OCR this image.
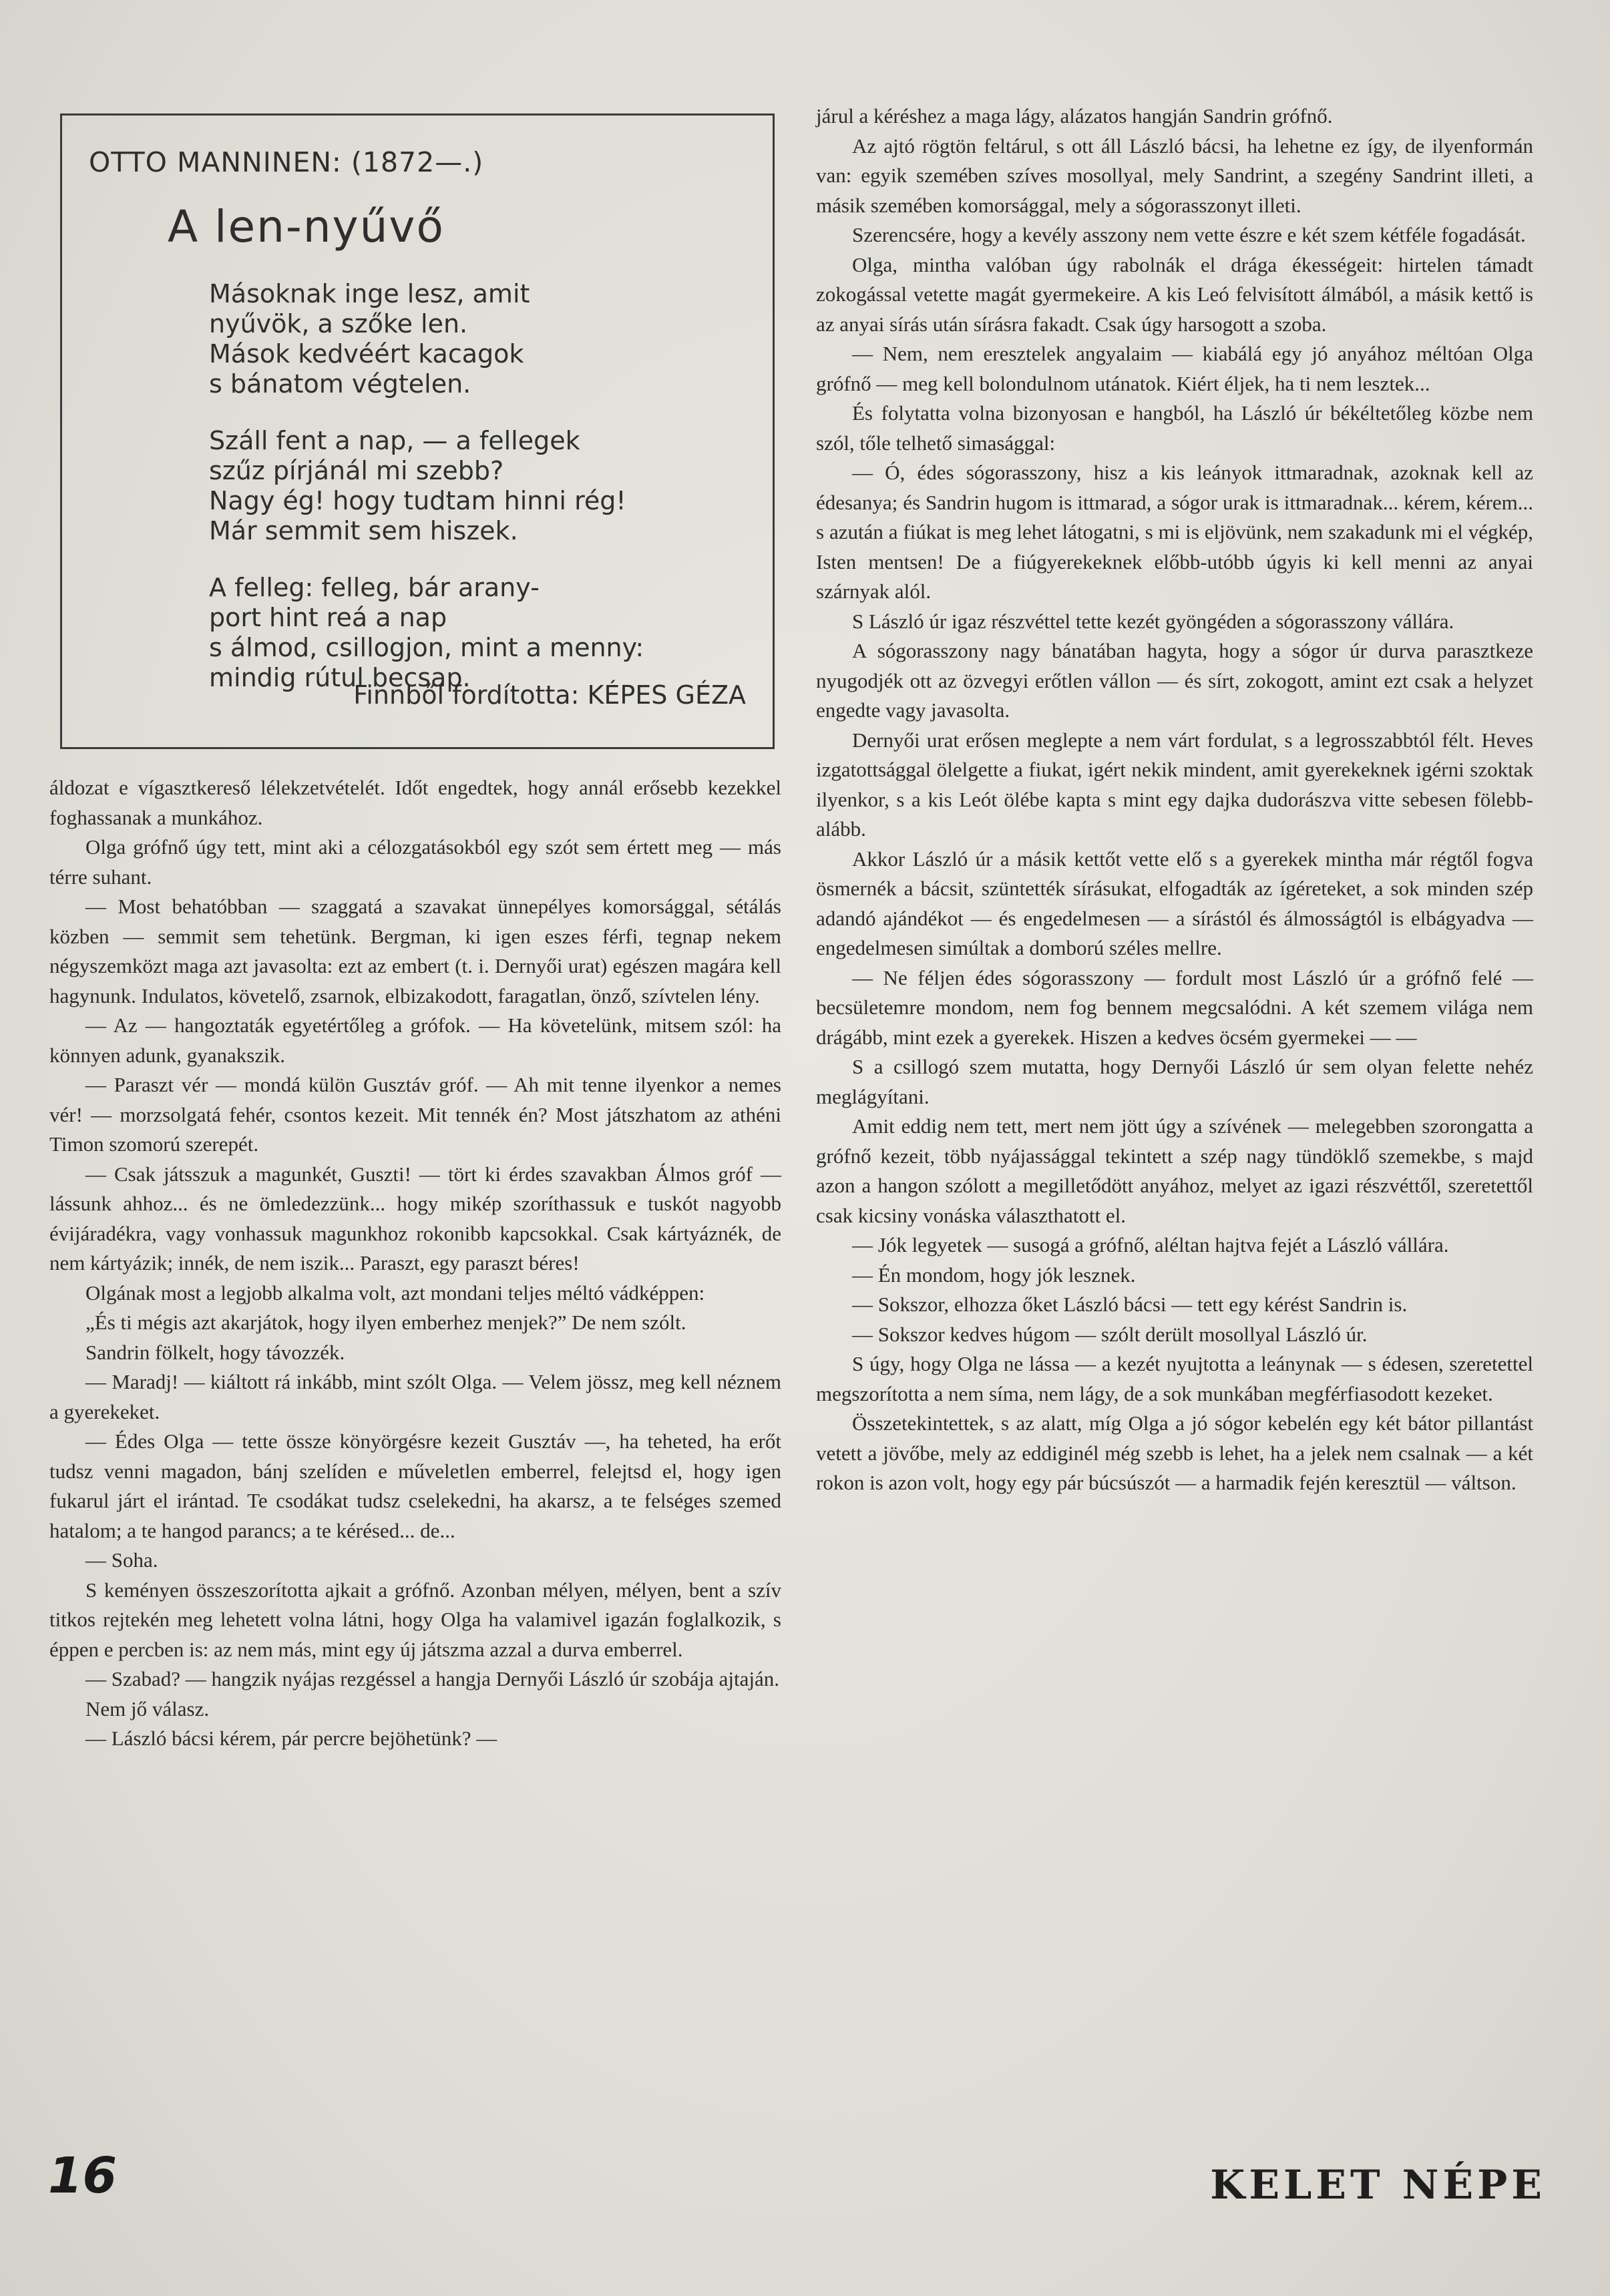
OTTO MANNINEN: (1872—.)

A len-nyűvő
Másoknak inge lesz, amit
nyűvök, a szőke len.
Mások kedvéért kacagok
s bánatom végtelen.
Száll fent a nap, — a fellegek
szűz pírjánál mi szebb?
Nagy ég! hogy tudtam hinni rég!
Már semmit sem hiszek.
A felleg: felleg, bár arany-
port hint reá a nap
s álmod, csillogjon, mint a menny:
mindig rútul becsap.

Finnből fordította: KÉPES GÉZA

áldozat e vígasztkereső lélekzetvételét. Időt engedtek, hogy annál erősebb kezekkel foghassanak a munkához.

Olga grófnő úgy tett, mint aki a célozgatásokból egy szót sem értett meg — más térre suhant.

— Most behatóbban — szaggatá a szavakat ünnepélyes komorsággal, sétálás közben — semmit sem tehetünk. Bergman, ki igen eszes férfi, tegnap nekem négyszemközt maga azt javasolta: ezt az embert (t. i. Dernyői urat) egészen magára kell hagynunk. Indulatos, követelő, zsarnok, elbizakodott, faragatlan, önző, szívtelen lény.

— Az — hangoztaták egyetértőleg a grófok. — Ha követelünk, mitsem szól: ha könnyen adunk, gyanakszik.

— Paraszt vér — mondá külön Gusztáv gróf. — Ah mit tenne ilyenkor a nemes vér! — morzsolgatá fehér, csontos kezeit. Mit tennék én? Most játszhatom az athéni Timon szomorú szerepét.

— Csak játsszuk a magunkét, Guszti! — tört ki érdes szavakban Álmos gróf — lássunk ahhoz... és ne ömledezzünk... hogy mikép szoríthassuk e tuskót nagyobb évijáradékra, vagy vonhassuk magunkhoz rokonibb kapcsokkal. Csak kártyáznék, de nem kártyázik; innék, de nem iszik... Paraszt, egy paraszt béres!

Olgának most a legjobb alkalma volt, azt mondani teljes méltó vádképpen:

„És ti mégis azt akarjátok, hogy ilyen emberhez menjek?” De nem szólt.

Sandrin fölkelt, hogy távozzék.

— Maradj! — kiáltott rá inkább, mint szólt Olga. — Velem jössz, meg kell néznem a gyerekeket.

— Édes Olga — tette össze könyörgésre kezeit Gusztáv —, ha teheted, ha erőt tudsz venni magadon, bánj szelíden e műveletlen emberrel, felejtsd el, hogy igen fukarul járt el irántad. Te csodákat tudsz cselekedni, ha akarsz, a te felséges szemed hatalom; a te hangod parancs; a te kérésed... de...

— Soha.

S keményen összeszorította ajkait a grófnő. Azonban mélyen, mélyen, bent a szív titkos rejtekén meg lehetett volna látni, hogy Olga ha valamivel igazán foglalkozik, s éppen e percben is: az nem más, mint egy új játszma azzal a durva emberrel.

— Szabad? — hangzik nyájas rezgéssel a hangja Dernyői László úr szobája ajtaján.

Nem jő válasz.

— László bácsi kérem, pár percre bejöhetünk? —

járul a kéréshez a maga lágy, alázatos hangján Sandrin grófnő.

Az ajtó rögtön feltárul, s ott áll László bácsi, ha lehetne ez így, de ilyenformán van: egyik szemében szíves mosollyal, mely Sandrint, a szegény Sandrint illeti, a másik szemében komorsággal, mely a sógorasszonyt illeti.

Szerencsére, hogy a kevély asszony nem vette észre e két szem kétféle fogadását.

Olga, mintha valóban úgy rabolnák el drága ékességeit: hirtelen támadt zokogással vetette magát gyermekeire. A kis Leó felvisított álmából, a másik kettő is az anyai sírás után sírásra fakadt. Csak úgy harsogott a szoba.

— Nem, nem eresztelek angyalaim — kiabálá egy jó anyához méltóan Olga grófnő — meg kell bolondulnom utánatok. Kiért éljek, ha ti nem lesztek...

És folytatta volna bizonyosan e hangból, ha László úr békéltetőleg közbe nem szól, tőle telhető simasággal:

— Ó, édes sógorasszony, hisz a kis leányok ittmaradnak, azoknak kell az édesanya; és Sandrin hugom is ittmarad, a sógor urak is ittmaradnak... kérem, kérem... s azután a fiúkat is meg lehet látogatni, s mi is eljövünk, nem szakadunk mi el végkép, Isten mentsen! De a fiúgyerekeknek előbb-utóbb úgyis ki kell menni az anyai szárnyak alól.

S László úr igaz részvéttel tette kezét gyöngéden a sógorasszony vállára.

A sógorasszony nagy bánatában hagyta, hogy a sógor úr durva parasztkeze nyugodjék ott az özvegyi erőtlen vállon — és sírt, zokogott, amint ezt csak a helyzet engedte vagy javasolta.

Dernyői urat erősen meglepte a nem várt fordulat, s a legrosszabbtól félt. Heves izgatottsággal ölelgette a fiukat, igért nekik mindent, amit gyerekeknek igérni szoktak ilyenkor, s a kis Leót ölébe kapta s mint egy dajka dudorászva vitte sebesen fölebb-alább.

Akkor László úr a másik kettőt vette elő s a gyerekek mintha már régtől fogva ösmernék a bácsit, szüntették sírásukat, elfogadták az ígéreteket, a sok minden szép adandó ajándékot — és engedelmesen — a sírástól és álmosságtól is elbágyadva — engedelmesen simúltak a domború széles mellre.

— Ne féljen édes sógorasszony — fordult most László úr a grófnő felé — becsületemre mondom, nem fog bennem megcsalódni. A két szemem világa nem drágább, mint ezek a gyerekek. Hiszen a kedves öcsém gyermekei — —

S a csillogó szem mutatta, hogy Dernyői László úr sem olyan felette nehéz meglágyítani.

Amit eddig nem tett, mert nem jött úgy a szívének — melegebben szorongatta a grófnő kezeit, több nyájassággal tekintett a szép nagy tündöklő szemekbe, s majd azon a hangon szólott a megilletődött anyához, melyet az igazi részvéttől, szeretettől csak kicsiny vonáska választhatott el.

— Jók legyetek — susogá a grófnő, aléltan hajtva fejét a László vállára.

— Én mondom, hogy jók lesznek.

— Sokszor, elhozza őket László bácsi — tett egy kérést Sandrin is.

— Sokszor kedves húgom — szólt derült mosollyal László úr.

S úgy, hogy Olga ne lássa — a kezét nyujtotta a leánynak — s édesen, szeretettel megszorította a nem síma, nem lágy, de a sok munkában megférfiasodott kezeket.

Összetekintettek, s az alatt, míg Olga a jó sógor kebelén egy két bátor pillantást vetett a jövőbe, mely az eddiginél még szebb is lehet, ha a jelek nem csalnak — a két rokon is azon volt, hogy egy pár búcsúszót — a harmadik fején keresztül — váltson.

16	KELET NÉPE
